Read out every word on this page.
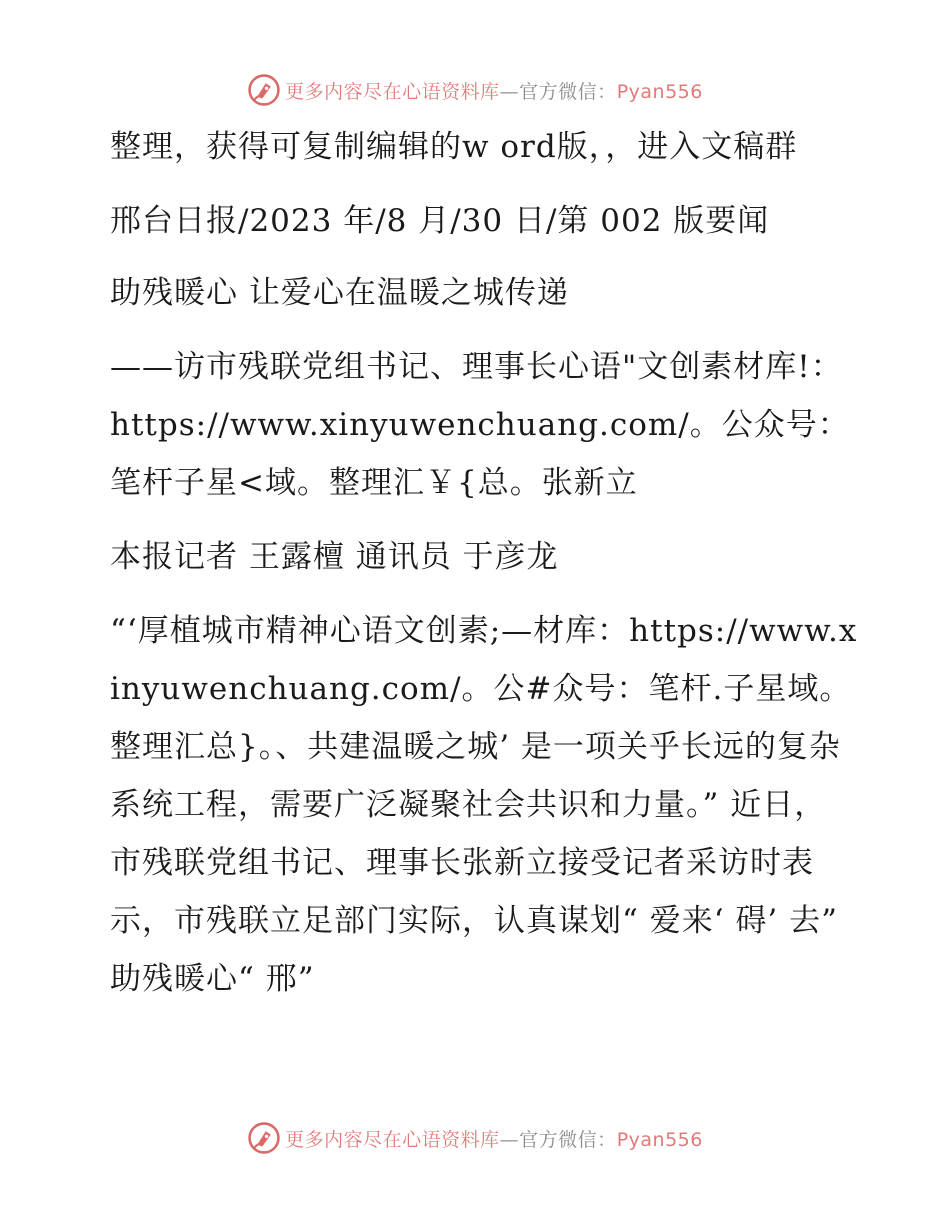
更多内容尽在心语资料库—官方微信：Pyan556

整理，获得可复制编辑的w ord版，，进入文稿群

邢台日报/2023 年/8 月/30 日/第 002 版要闻

助残暖心 让爱心在温暖之城传递

——访市残联党组书记、理事长心语"文创素材库!：https://www.xinyuwenchuang.com/。公众号：笔杆子星<域。整理汇￥{总。张新立

本报记者 王露檀 通讯员 于彦龙

“‘厚植城市精神心语文创素;—材库：https://www.xinyuwenchuang.com/。公#众号：笔杆.子星域。整理汇总}。、共建温暖之城’ 是一项关乎长远的复杂系统工程，需要广泛凝聚社会共识和力量。” 近日，市残联党组书记、理事长张新立接受记者采访时表示，市残联立足部门实际，认真谋划“ 爱来‘ 碍’ 去” 助残暖心“ 邢”

更多内容尽在心语资料库—官方微信：Pyan556
